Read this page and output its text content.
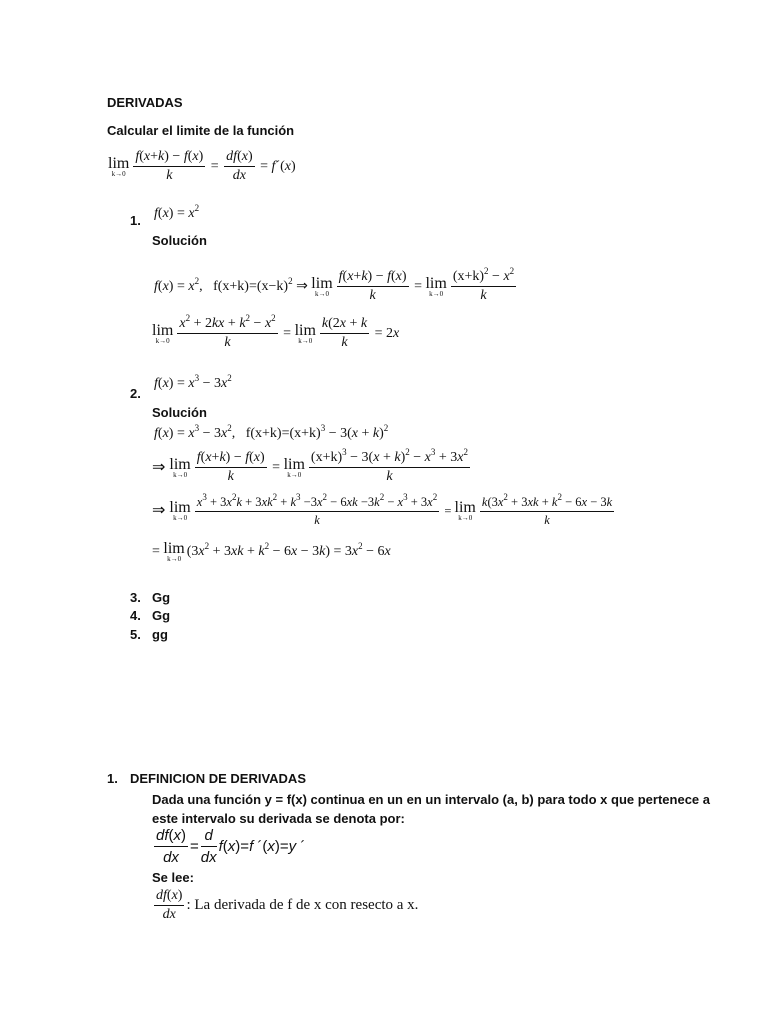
DERIVADAS
Calcular el limite de la función
lim
$k\to 0 \frac{f(x+k) - f(x)}{k} = \frac{df(x)}{dx}$ = f´(x)
1. $f(x) = x^2$
Solución
$f(x) = x^2$,   $f(x+k)=(x-k)^2$ ⇒ lim
$k\to 0 \frac{f(x+k) - f(x)}{k} = \lim$
$k\to 0 \frac{(x+k)^2 - x^2}{k}$
lim
$k\to 0 \frac{x^2 + 2kx + k^2 - x^2}{k} = \lim$
$k\to 0 \frac{k(2x + k}{k} = 2x$
2.
$f(x) = x^3 - 3x^2$
Solución
$f(x) = x^3 - 3x^2$,   $f(x+k)=(x+k)^3 - 3(x + k)^2$
⇒ lim
$k\to 0 \frac{f(x+k) - f(x)}{k} = \lim$
$k\to 0 \frac{(x+k)^3 - 3(x + k)^2 - x^3 + 3x^2}{k}$
⇒ lim
$k\to 0 \frac{x^3 + 3x^2k + 3xk^2 + k^3 -3x^2 - 6xk -3k^2 - x^3 + 3x^2}{k} = \lim$
$k\to 0 \frac{k(3x^2 + 3xk + k^2 - 6x - 3k}{k}$
= lim
k→0 $(3x^2 + 3xk + k^2 - 6x - 3k) = 3x^2 - 6x$
3. Gg
4. Gg
5. gg
1. DEFINICION DE DERIVADAS
Dada una función y = f(x) continua en un en un intervalo (a, b) para todo x que pertenece a
este intervalo su derivada se denota por:
$\frac{df(x)}{dx} = \frac{d}{dx} f(x)=f$ ´(x)=y ´
Se lee:
$\frac{df(x)}{dx}$ : La derivada de f de x con resecto a x.
